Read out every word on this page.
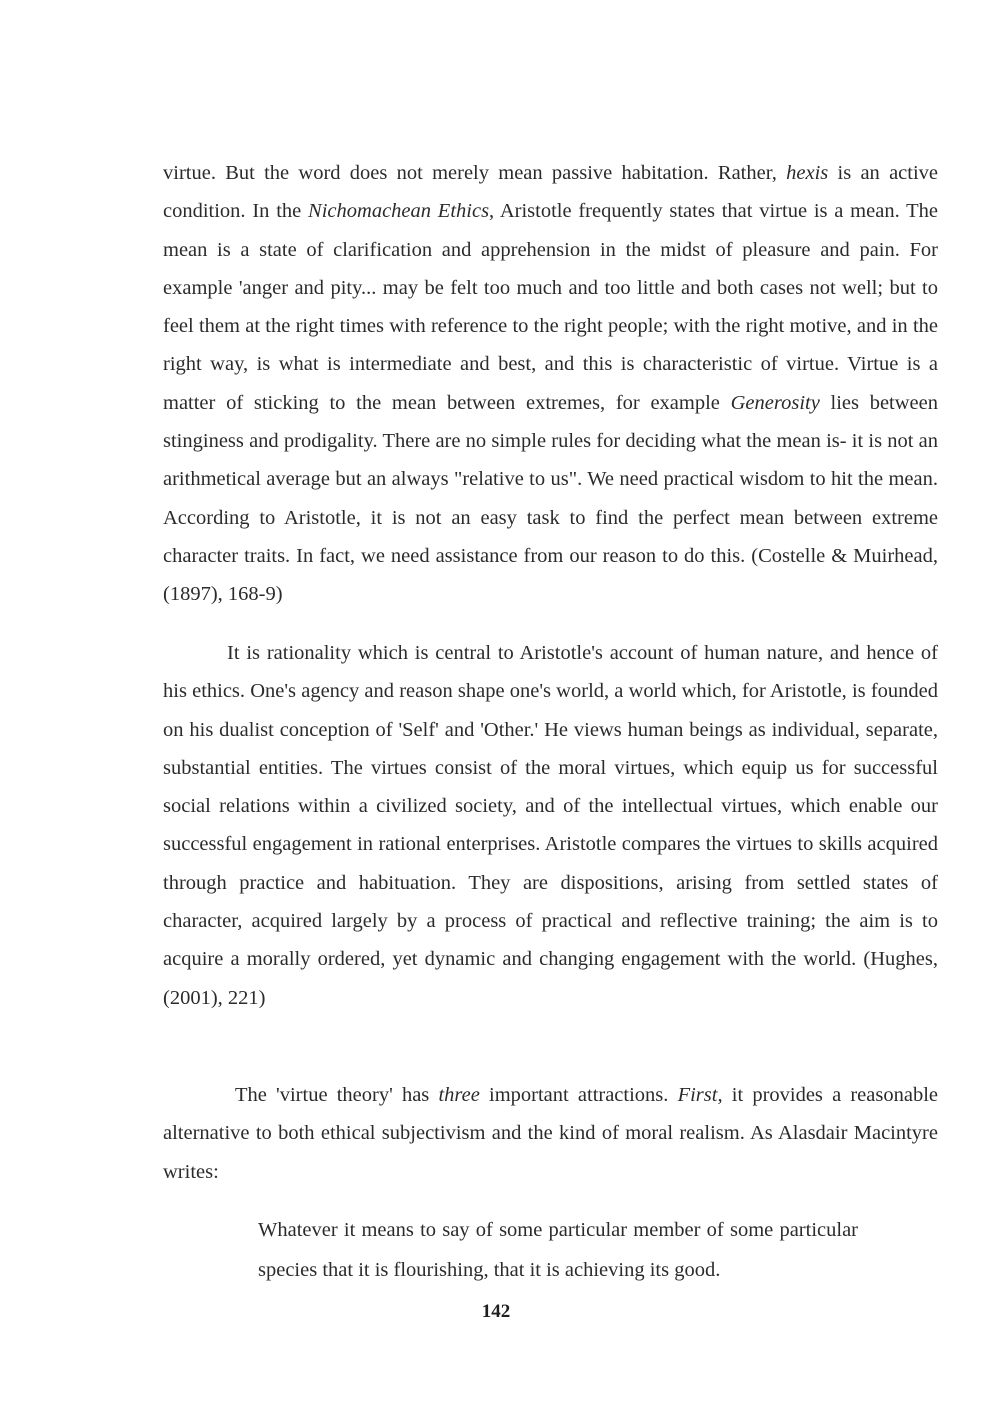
virtue. But the word does not merely mean passive habitation. Rather, hexis is an active condition. In the Nichomachean Ethics, Aristotle frequently states that virtue is a mean. The mean is a state of clarification and apprehension in the midst of pleasure and pain. For example 'anger and pity... may be felt too much and too little and both cases not well; but to feel them at the right times with reference to the right people; with the right motive, and in the right way, is what is intermediate and best, and this is characteristic of virtue. Virtue is a matter of sticking to the mean between extremes, for example Generosity lies between stinginess and prodigality. There are no simple rules for deciding what the mean is- it is not an arithmetical average but an always "relative to us". We need practical wisdom to hit the mean. According to Aristotle, it is not an easy task to find the perfect mean between extreme character traits. In fact, we need assistance from our reason to do this. (Costelle & Muirhead, (1897), 168-9)

It is rationality which is central to Aristotle's account of human nature, and hence of his ethics. One's agency and reason shape one's world, a world which, for Aristotle, is founded on his dualist conception of 'Self' and 'Other.' He views human beings as individual, separate, substantial entities. The virtues consist of the moral virtues, which equip us for successful social relations within a civilized society, and of the intellectual virtues, which enable our successful engagement in rational enterprises. Aristotle compares the virtues to skills acquired through practice and habituation. They are dispositions, arising from settled states of character, acquired largely by a process of practical and reflective training; the aim is to acquire a morally ordered, yet dynamic and changing engagement with the world. (Hughes, (2001), 221)

The 'virtue theory' has three important attractions. First, it provides a reasonable alternative to both ethical subjectivism and the kind of moral realism. As Alasdair Macintyre writes:

Whatever it means to say of some particular member of some particular species that it is flourishing, that it is achieving its good.

142
